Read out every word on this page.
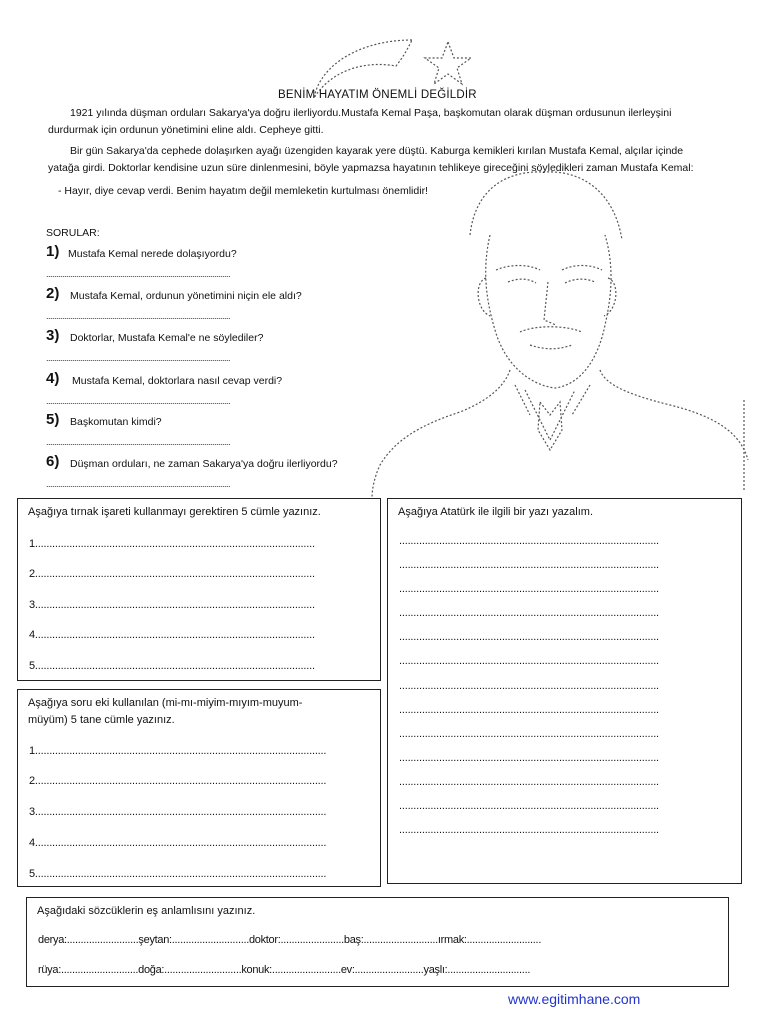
BENİM HAYATIM ÖNEMLİ DEĞİLDİR
1921 yılında düşman orduları Sakarya'ya doğru ilerliyordu.Mustafa Kemal Paşa, başkomutan olarak düşman ordusunun ilerleyşini
durdurmak için ordunun yönetimini eline aldı. Cepheye gitti.
Bir gün Sakarya'da cephede dolaşırken ayağı üzengiden kayarak yere düştü. Kaburga kemikleri kırılan Mustafa Kemal, alçılar içinde
yatağa girdi. Doktorlar kendisine uzun süre dinlenmesini, böyle yapmazsa hayatının tehlikeye gireceğini söyledikleri zaman Mustafa Kemal:
- Hayır, diye cevap verdi. Benim hayatım değil memleketin kurtulması önemlidir!
SORULAR:
1) Mustafa Kemal nerede dolaşıyordu?
............................................................................................
2) Mustafa Kemal, ordunun yönetimini niçin ele aldı?
............................................................................................
3) Doktorlar, Mustafa Kemal'e ne söylediler?
............................................................................................
4) Mustafa Kemal, doktorlara nasıl cevap verdi?
............................................................................................
5) Başkomutan kimdi?
............................................................................................
6) Düşman orduları, ne zaman Sakarya'ya doğru ilerliyordu?
............................................................................................
Aşağıya tırnak işareti kullanmayı gerektiren 5 cümle yazınız.
1..................................................................................................
2..................................................................................................
3..................................................................................................
4..................................................................................................
5..................................................................................................
Aşağıya soru eki kullanılan (mi-mı-miyim-mıyım-muyum-
müyüm) 5 tane cümle yazınız.
1......................................................................................................
2......................................................................................................
3......................................................................................................
4......................................................................................................
5......................................................................................................
Aşağıya Atatürk ile ilgili bir yazı yazalım.
...........................................................................................
...........................................................................................
...........................................................................................
...........................................................................................
...........................................................................................
...........................................................................................
...........................................................................................
...........................................................................................
...........................................................................................
...........................................................................................
...........................................................................................
...........................................................................................
...........................................................................................
Aşağıdaki sözcüklerin eş anlamlısını yazınız.
derya:..........................şeytan:............................doktor:.......................baş:...........................ırmak:...........................
rüya:............................doğa:............................konuk:.........................ev:.........................yaşlı:..............................
www.egitimhane.com
